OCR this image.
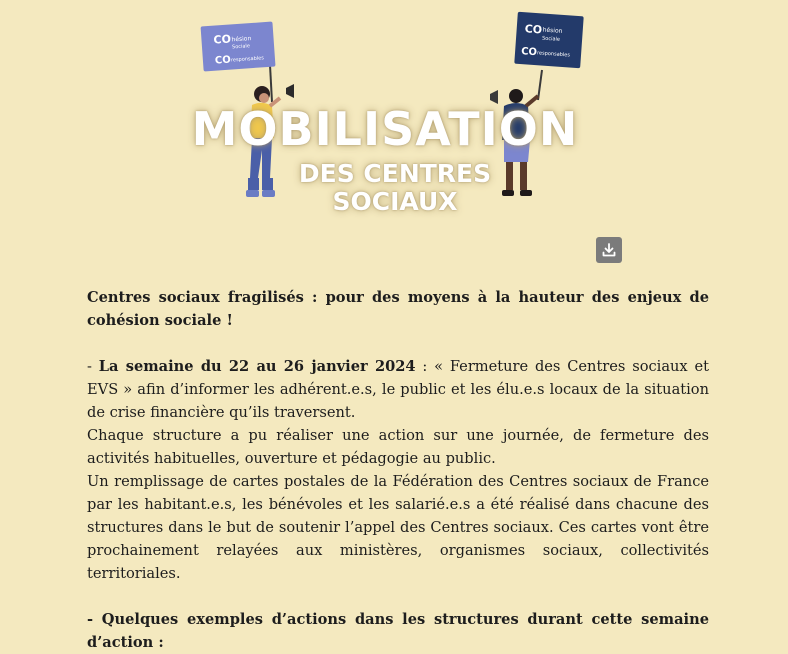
CO hésion
Sociale
CO responsables
CO hésion
Sociale
CO responsables
MOBILISATION
DES CENTRES SOCIAUX

Centres sociaux fragilisés : pour des moyens à la hauteur des enjeux de cohésion sociale !

- La semaine du 22 au 26 janvier 2024 : « Fermeture des Centres sociaux et EVS » afin d’informer les adhérent.e.s, le public et les élu.e.s locaux de la situation de crise financière qu’ils traversent.

Chaque structure a pu réaliser une action sur une journée, de fermeture des activités habituelles, ouverture et pédagogie au public.

Un remplissage de cartes postales de la Fédération des Centres sociaux de France par les habitant.e.s, les bénévoles et les salarié.e.s a été réalisé dans chacune des structures dans le but de soutenir l’appel des Centres sociaux. Ces cartes vont être prochainement relayées aux ministères, organismes sociaux, collectivités territoriales.

- Quelques exemples d’actions dans les structures durant cette semaine d’action :
